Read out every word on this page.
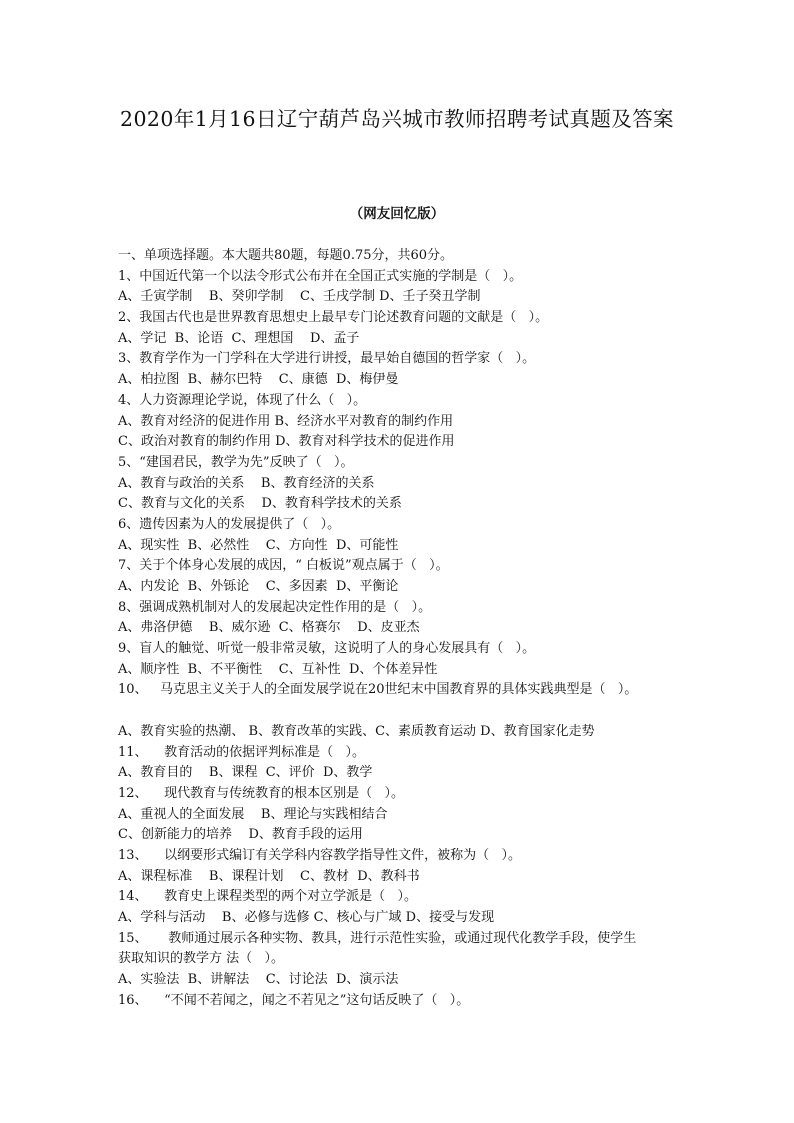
2020年1月16日辽宁葫芦岛兴城市教师招聘考试真题及答案
（网友回忆版）
一、单项选择题。本大题共80题，每题0.75分，共60分。
1、中国近代第一个以法令形式公布并在全国正式实施的学制是（   ）。
A、壬寅学制    B、癸卯学制    C、壬戌学制 D、壬子癸丑学制
2、我国古代也是世界教育思想史上最早专门论述教育问题的文献是（   ）。
A、学记  B、论语  C、理想国    D、孟子
3、教育学作为一门学科在大学进行讲授，最早始自德国的哲学家（   ）。
A、柏拉图  B、赫尔巴特    C、康德  D、梅伊曼
4、人力资源理论学说，体现了什么（   ）。
A、教育对经济的促进作用 B、经济水平对教育的制约作用
C、政治对教育的制约作用 D、教育对科学技术的促进作用
5、“建国君民，教学为先”反映了（   ）。
A、教育与政治的关系    B、教育经济的关系
C、教育与文化的关系    D、教育科学技术的关系
6、遗传因素为人的发展提供了（   ）。
A、现实性  B、必然性    C、方向性  D、可能性
7、关于个体身心发展的成因，“ 白板说”观点属于（   ）。
A、内发论  B、外铄论    C、多因素  D、平衡论
8、强调成熟机制对人的发展起决定性作用的是（   ）。
A、弗洛伊德    B、威尔逊  C、格赛尔    D、皮亚杰
9、盲人的触觉、听觉一般非常灵敏，这说明了人的身心发展具有（   ）。
A、顺序性  B、不平衡性    C、互补性  D、个体差异性
10、   马克思主义关于人的全面发展学说在20世纪末中国教育界的具体实践典型是（   ）。
A、教育实验的热潮、 B、教育改革的实践、C、素质教育运动 D、教育国家化走势
11、    教育活动的依据评判标准是（   ）。
A、教育目的    B、课程  C、评价  D、教学
12、    现代教育与传统教育的根本区别是（   ）。
A、重视人的全面发展    B、理论与实践相结合
C、创新能力的培养    D、教育手段的运用
13、    以纲要形式编订有关学科内容教学指导性文件，被称为（   ）。
A、课程标准    B、课程计划    C、教材  D、教科书
14、    教育史上课程类型的两个对立学派是（   ）。
A、学科与活动    B、必修与选修 C、核心与广域 D、接受与发现
15、     教师通过展示各种实物、教具，进行示范性实验，或通过现代化教学手段，使学生
获取知识的教学方 法（   ）。
A、实验法  B、讲解法    C、讨论法  D、演示法
16、    “不闻不若闻之，闻之不若见之”这句话反映了（   ）。
